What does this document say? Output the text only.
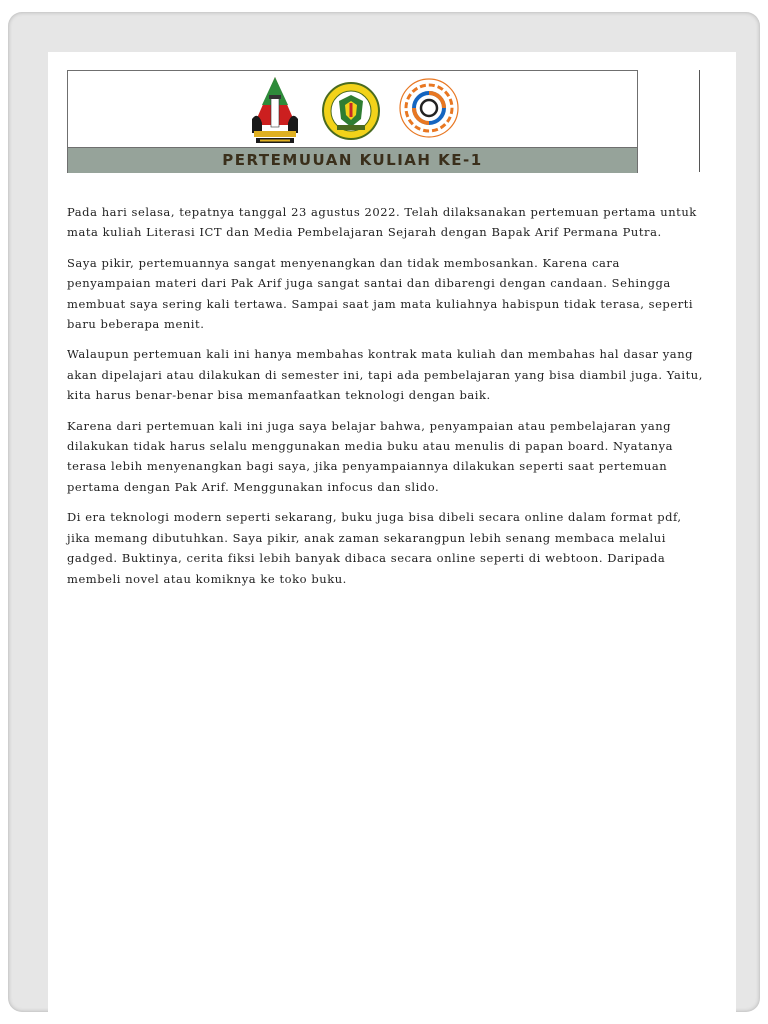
PERTEMUUAN KULIAH KE-1

Pada hari selasa, tepatnya tanggal 23 agustus 2022. Telah dilaksanakan pertemuan pertama untuk mata kuliah Literasi ICT dan Media Pembelajaran Sejarah dengan Bapak Arif Permana Putra.

Saya pikir, pertemuannya sangat menyenangkan dan tidak membosankan. Karena cara penyampaian materi dari Pak Arif juga sangat santai dan dibarengi dengan candaan. Sehingga membuat saya sering kali tertawa. Sampai saat jam mata kuliahnya habispun tidak terasa, seperti baru beberapa menit.

Walaupun pertemuan kali ini hanya membahas kontrak mata kuliah dan membahas hal dasar yang akan dipelajari atau dilakukan di semester ini, tapi ada pembelajaran yang bisa diambil juga. Yaitu, kita harus benar-benar bisa memanfaatkan teknologi dengan baik.

Karena dari pertemuan kali ini juga saya belajar bahwa, penyampaian atau pembelajaran yang dilakukan tidak harus selalu menggunakan media buku atau menulis di papan board. Nyatanya terasa lebih menyenangkan bagi saya, jika penyampaiannya dilakukan seperti saat pertemuan pertama dengan Pak Arif. Menggunakan infocus dan slido.

Di era teknologi modern seperti sekarang, buku juga bisa dibeli secara online dalam format pdf, jika memang dibutuhkan. Saya pikir, anak zaman sekarangpun lebih senang membaca melalui gadged. Buktinya, cerita fiksi lebih banyak dibaca secara online seperti di webtoon. Daripada membeli novel atau komiknya ke toko buku.
